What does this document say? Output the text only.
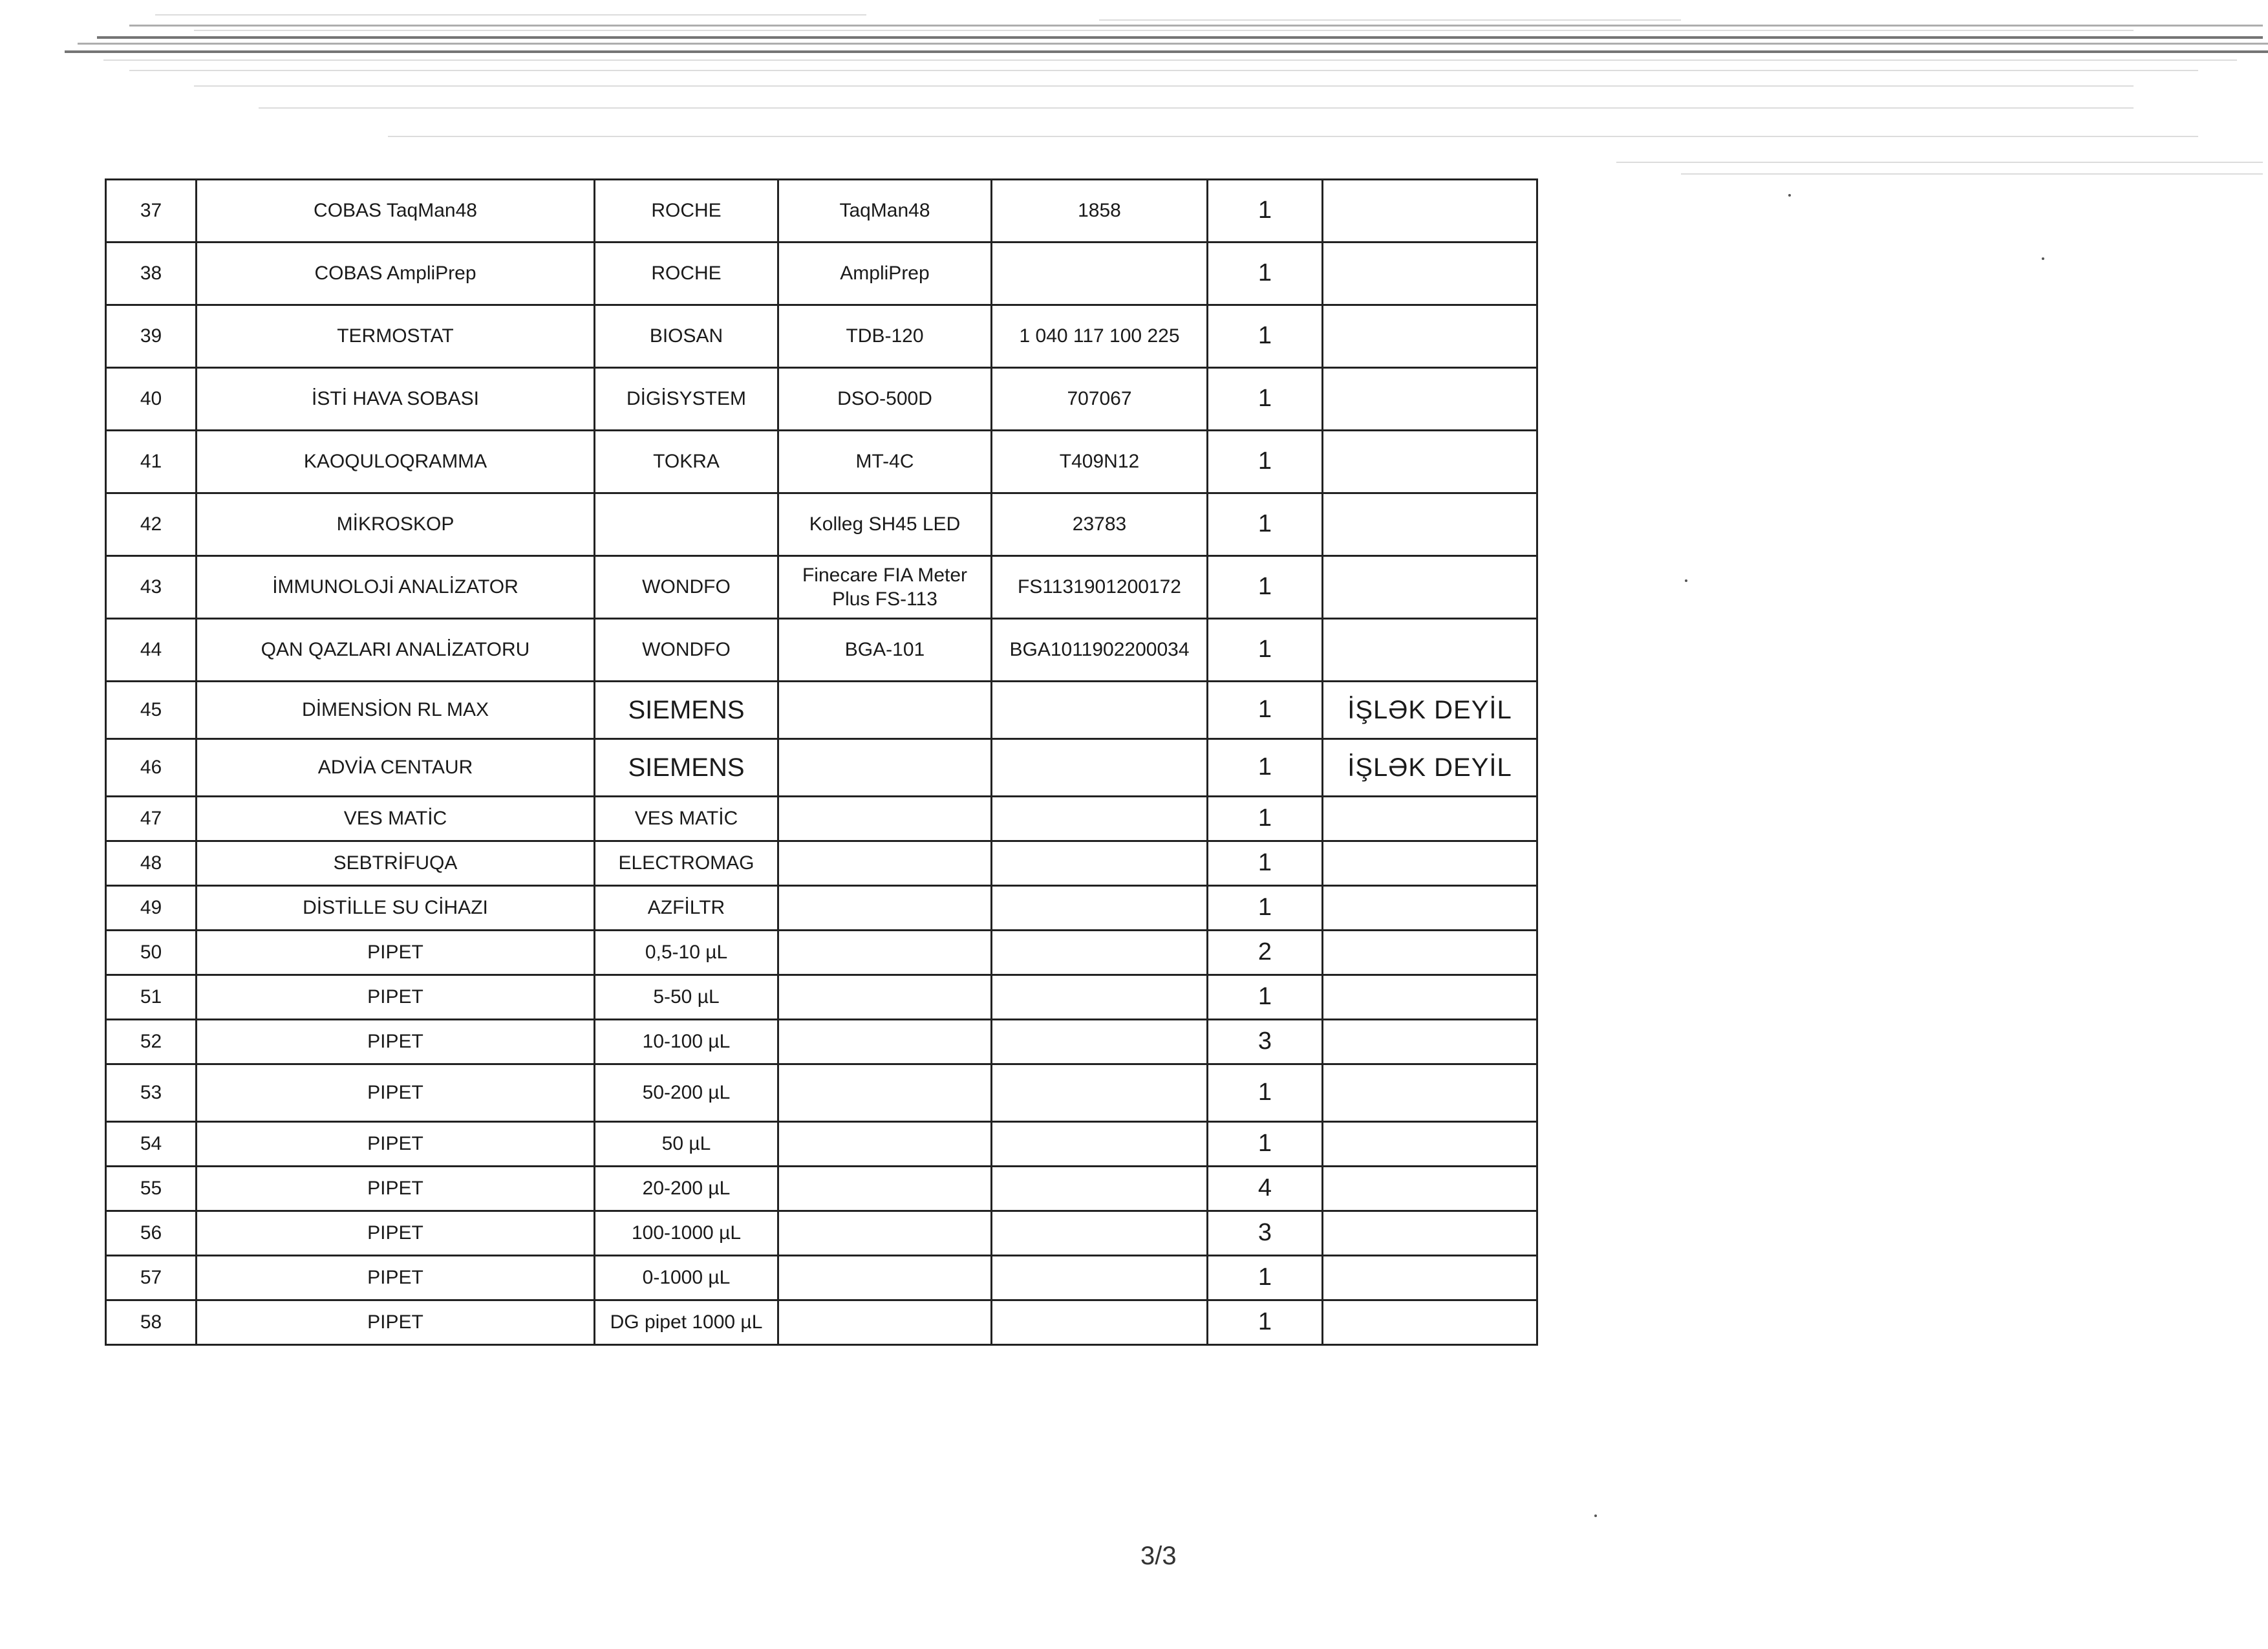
37	COBAS TaqMan48	ROCHE	TaqMan48	1858	1	
38	COBAS AmpliPrep	ROCHE	AmpliPrep		1	
39	TERMOSTAT	BIOSAN	TDB-120	1 040 117 100 225	1	
40	İSTİ HAVA SOBASI	DİGİSYSTEM	DSO-500D	707067	1	
41	KAOQULOQRAMMA	TOKRA	MT-4C	T409N12	1	
42	MİKROSKOP		Kolleg SH45 LED	23783	1	
43	İMMUNOLOJİ ANALİZATOR	WONDFO	Finecare FIA Meter Plus FS-113	FS1131901200172	1	
44	QAN QAZLARI ANALİZATORU	WONDFO	BGA-101	BGA1011902200034	1	
45	DİMENSİON RL MAX	SIEMENS			1	İŞLƏK DEYİL
46	ADVİA CENTAUR	SIEMENS			1	İŞLƏK DEYİL
47	VES MATİC	VES MATİC			1	
48	SEBTRİFUQA	ELECTROMAG			1	
49	DİSTİLLE SU CİHAZI	AZFİLTR			1	
50	PIPET	0,5-10 µL			2	
51	PIPET	5-50 µL			1	
52	PIPET	10-100 µL			3	
53	PIPET	50-200 µL			1	
54	PIPET	50 µL			1	
55	PIPET	20-200 µL			4	
56	PIPET	100-1000 µL			3	
57	PIPET	0-1000 µL			1	
58	PIPET	DG pipet 1000 µL			1	
3/3
